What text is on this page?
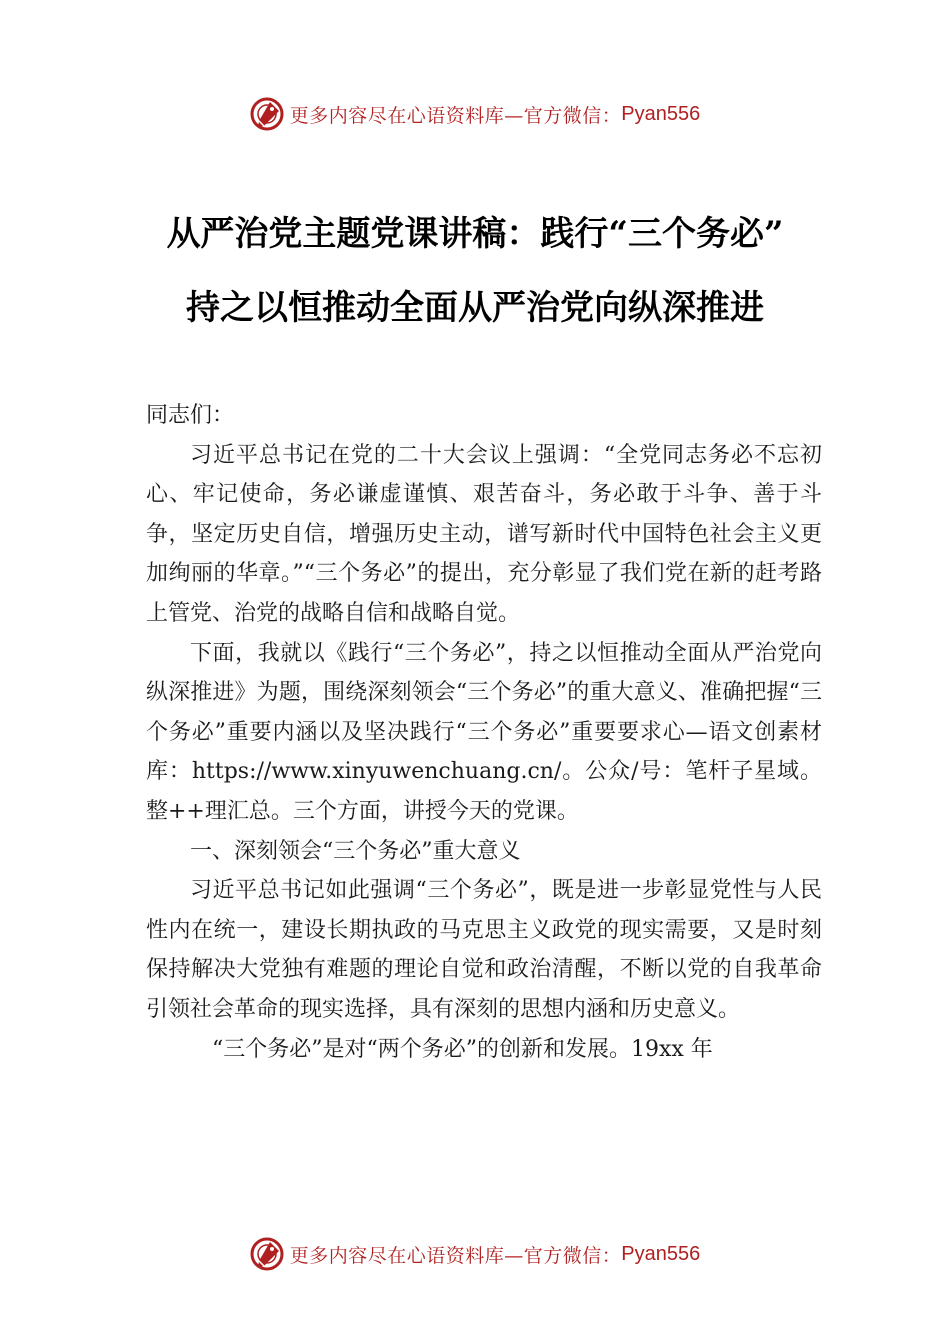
更多内容尽在心语资料库—官方微信： Pyan556
从严治党主题党课讲稿：践行“三个务必”
持之以恒推动全面从严治党向纵深推进

同志们：

习近平总书记在党的二十大会议上强调：“全党同志务必不忘初心、牢记使命，务必谦虚谨慎、艰苦奋斗，务必敢于斗争、善于斗争，坚定历史自信，增强历史主动，谱写新时代中国特色社会主义更加绚丽的华章。”“三个务必”的提出，充分彰显了我们党在新的赶考路上管党、治党的战略自信和战略自觉。

下面，我就以《践行“三个务必”，持之以恒推动全面从严治党向纵深推进》为题，围绕深刻领会“三个务必”的重大意义、准确把握“三个务必”重要内涵以及坚决践行“三个务必”重要要求心—语文创素材库：https://www.xinyuwenchuang.cn/。公众/号：笔杆子星域。整++理汇总。三个方面，讲授今天的党课。

一、深刻领会“三个务必”重大意义

习近平总书记如此强调“三个务必”，既是进一步彰显党性与人民性内在统一，建设长期执政的马克思主义政党的现实需要，又是时刻保持解决大党独有难题的理论自觉和政治清醒，不断以党的自我革命引领社会革命的现实选择，具有深刻的思想内涵和历史意义。

“三个务必”是对“两个务必”的创新和发展。19xx 年

更多内容尽在心语资料库—官方微信： Pyan556
